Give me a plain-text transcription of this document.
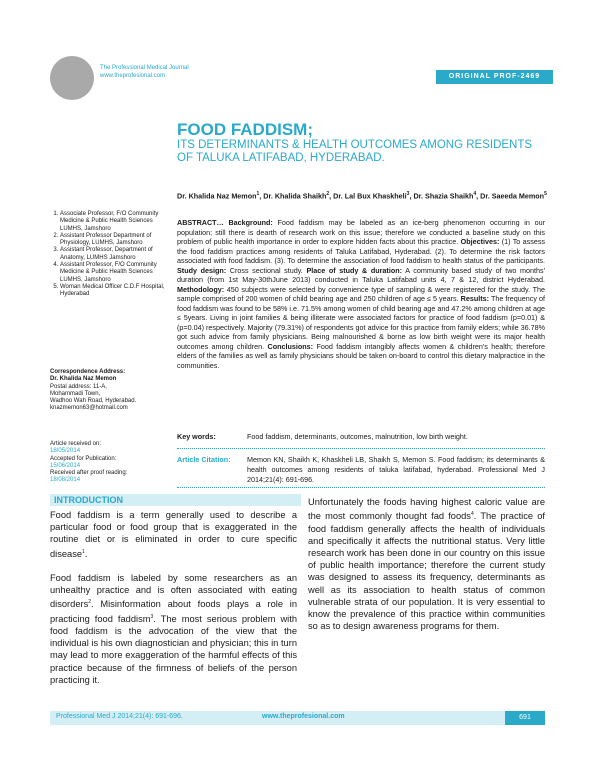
The Professional Medical Journal
www.theprofesional.com	ORIGINAL PROF-2469
FOOD FADDISM;
ITS DETERMINANTS & HEALTH OUTCOMES AMONG RESIDENTS OF TALUKA LATIFABAD, HYDERABAD.
Dr. Khalida Naz Memon$^1$, Dr. Khalida Shaikh$^2$, Dr. Lal Bux Khaskheli$^3$, Dr. Shazia Shaikh$^4$, Dr. Saeeda Memon$^5$
1. Associate Professor, F/O Community Medicine & Public Health Sciences LUMHS, Jamshoro
2. Assistant Professor Department of Physiology, LUMHS, Jamshoro
3. Assistant Professor, Department of Anatomy, LUMHS Jamshoro
4. Assistant Professor, F/O Community Medicine & Public Health Sciences LUMHS, Jamshoro
5. Woman Medical Officer C.D.F Hospital, Hyderabad
Correspondence Address:
Dr. Khalida Naz Memon
Postal address: 11-A,
Mohammadi Town,
Wadhoo Wah Road, Hyderabad.
knazmemon63@hotmail.com
Article received on:
18/05/2014
Accepted for Publication:
15/06/2014
Received after proof reading:
18/08/2014
ABSTRACT… Background: Food faddism may be labeled as an ice-berg phenomenon occurring in our population; still there is dearth of research work on this issue; therefore we conducted a baseline study on this problem of public health importance in order to explore hidden facts about this practice. Objectives: (1) To assess the food faddism practices among residents of Taluka Latifabad, Hyderabad. (2). To determine the risk factors associated with food faddism. (3). To determine the association of food faddism to health status of the participants. Study design: Cross sectional study. Place of study & duration: A community based study of two months' duration (from 1st May-30thJune 2013) conducted in Taluka Latifabad units 4, 7 & 12, district Hyderabad. Methodology: 450 subjects were selected by convenience type of sampling & were registered for the study. The sample comprised of 200 women of child bearing age and 250 children of age ≤ 5 years. Results: The frequency of food faddism was found to be 58% i.e. 71.5% among women of child bearing age and 47.2% among children at age ≤ 5years. Living in joint families & being illiterate were associated factors for practice of food faddism (p=0.01) & (p=0.04) respectively. Majority (79.31%) of respondents got advice for this practice from family elders; while 36.78% got such advice from family physicians. Being malnourished & borne as low birth weight were its major health outcomes among children. Conclusions: Food faddism intangibly affects women & children's health; therefore elders of the families as well as family physicians should be taken on-board to control this dietary malpractice in the communities.
Key words:	Food faddism, determinants, outcomes, malnutrition, low birth weight.
Article Citation:	Memon KN, Shaikh K, Khaskheli LB, Shaikh S, Memon S. Food faddism; its determinants & health outcomes among residents of taluka latifabad, hyderabad. Professional Med J 2014;21(4): 691-696.
INTRODUCTION

Food faddism is a term generally used to describe a particular food or food group that is exaggerated in the routine diet or is eliminated in order to cure specific disease$^1$.

Food faddism is labeled by some researchers as an unhealthy practice and is often associated with eating disorders$^2$. Misinformation about foods plays a role in practicing food faddism$^3$. The most serious problem with food faddism is the advocation of the view that the individual is his own diagnostician and physician; this in turn may lead to more exaggeration of the harmful effects of this practice because of the firmness of beliefs of the person practicing it.

Unfortunately the foods having highest caloric value are the most commonly thought fad foods$^4$. The practice of food faddism generally affects the health of individuals and specifically it affects the nutritional status. Very little research work has been done in our country on this issue of public health importance; therefore the current study was designed to assess its frequency, determinants as well as its association to health status of common vulnerable strata of our population. It is very essential to know the prevalence of this practice within communities so as to design awareness programs for them.

Professional Med J 2014;21(4): 691-696.	www.theprofesional.com	691
